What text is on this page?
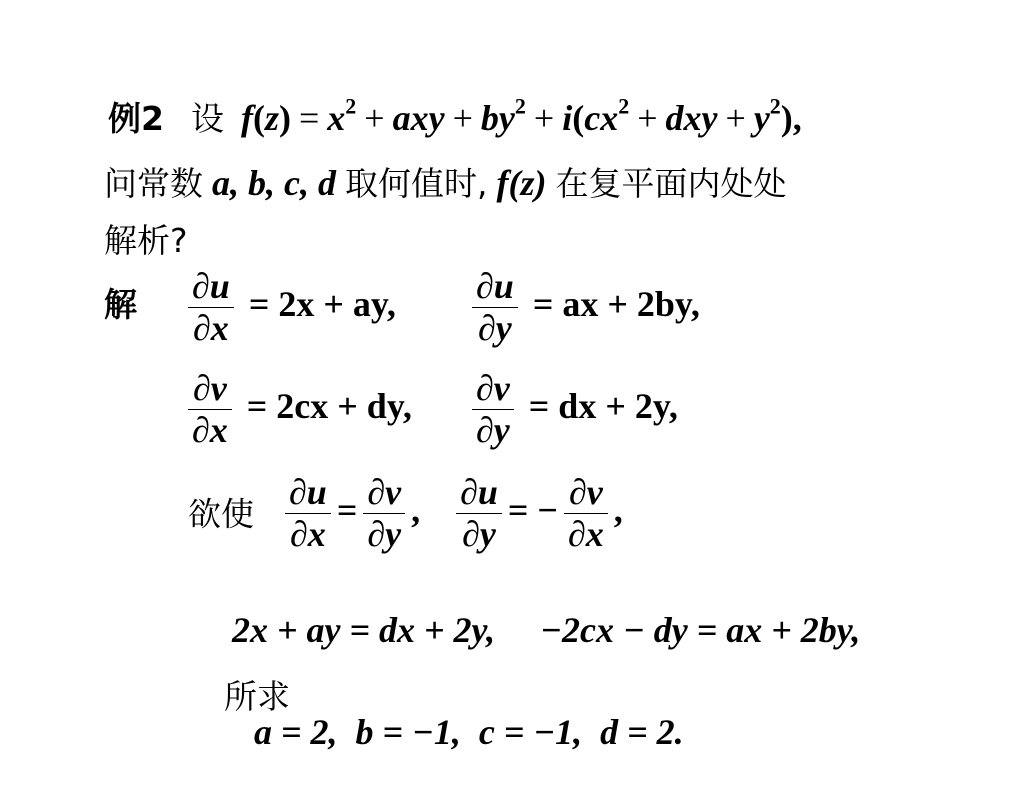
例2 设 $f(z) = x^2$ + axy + $by^2 + i(cx^2$ + dxy + $y^2$),
问常数 a, b, c, d 取何值时, f(z) 在复平面内处处
解析?
解 $\frac{\partial u}{\partial x} = 2x$ + ay, $\frac{\partial u}{\partial y}$ = ax + 2by,
$\frac{\partial v}{\partial x} = 2cx$ + dy, $\frac{\partial v}{\partial y}$ = dx + 2y,
欲使 $\frac{\partial u}{\partial x} = \frac{\partial v}{\partial y}$ , $\frac{\partial u}{\partial y}$ = − $\frac{\partial v}{\partial x}$ ,

2x + ay = dx + 2y,     −2cx − dy = ax + 2by,

所求
a = 2,  b = −1,  c = −1,  d = 2.
